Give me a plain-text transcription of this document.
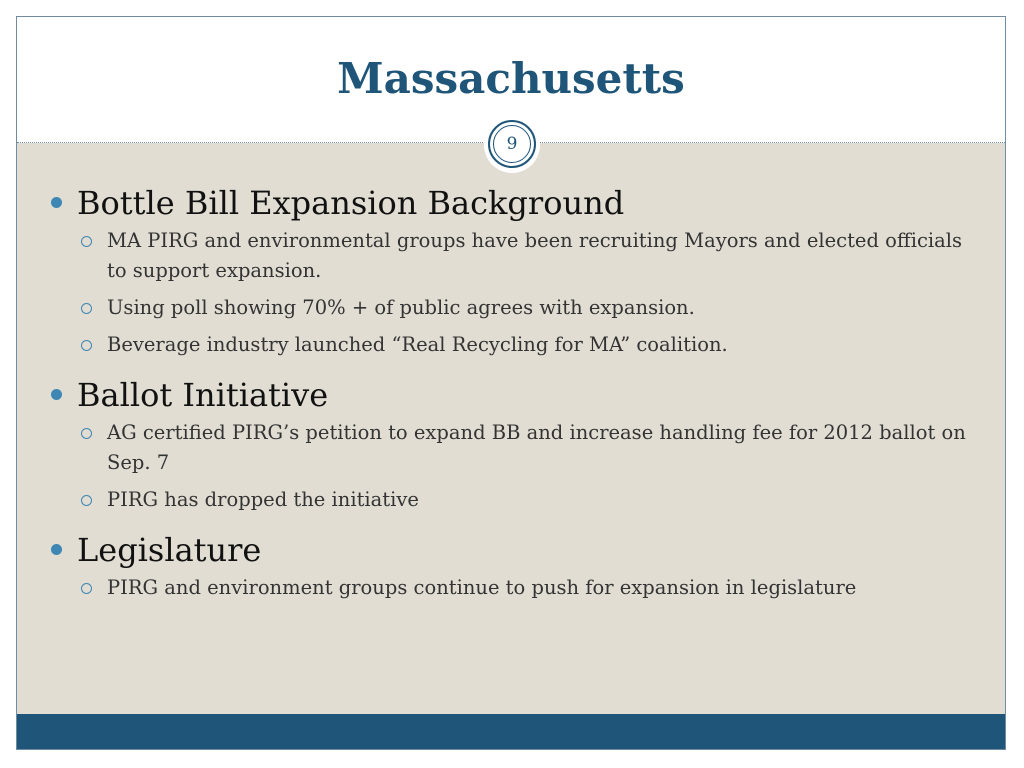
Massachusetts
9
Bottle Bill Expansion Background
MA PIRG and environmental groups have been recruiting Mayors and elected officials to support expansion.
Using poll showing 70% + of public agrees with expansion.
Beverage industry launched “Real Recycling for MA” coalition.
Ballot Initiative
AG certified PIRG’s petition to expand BB and increase handling fee for 2012 ballot on Sep. 7
PIRG has dropped the initiative
Legislature
PIRG and environment groups continue to push for expansion in legislature
